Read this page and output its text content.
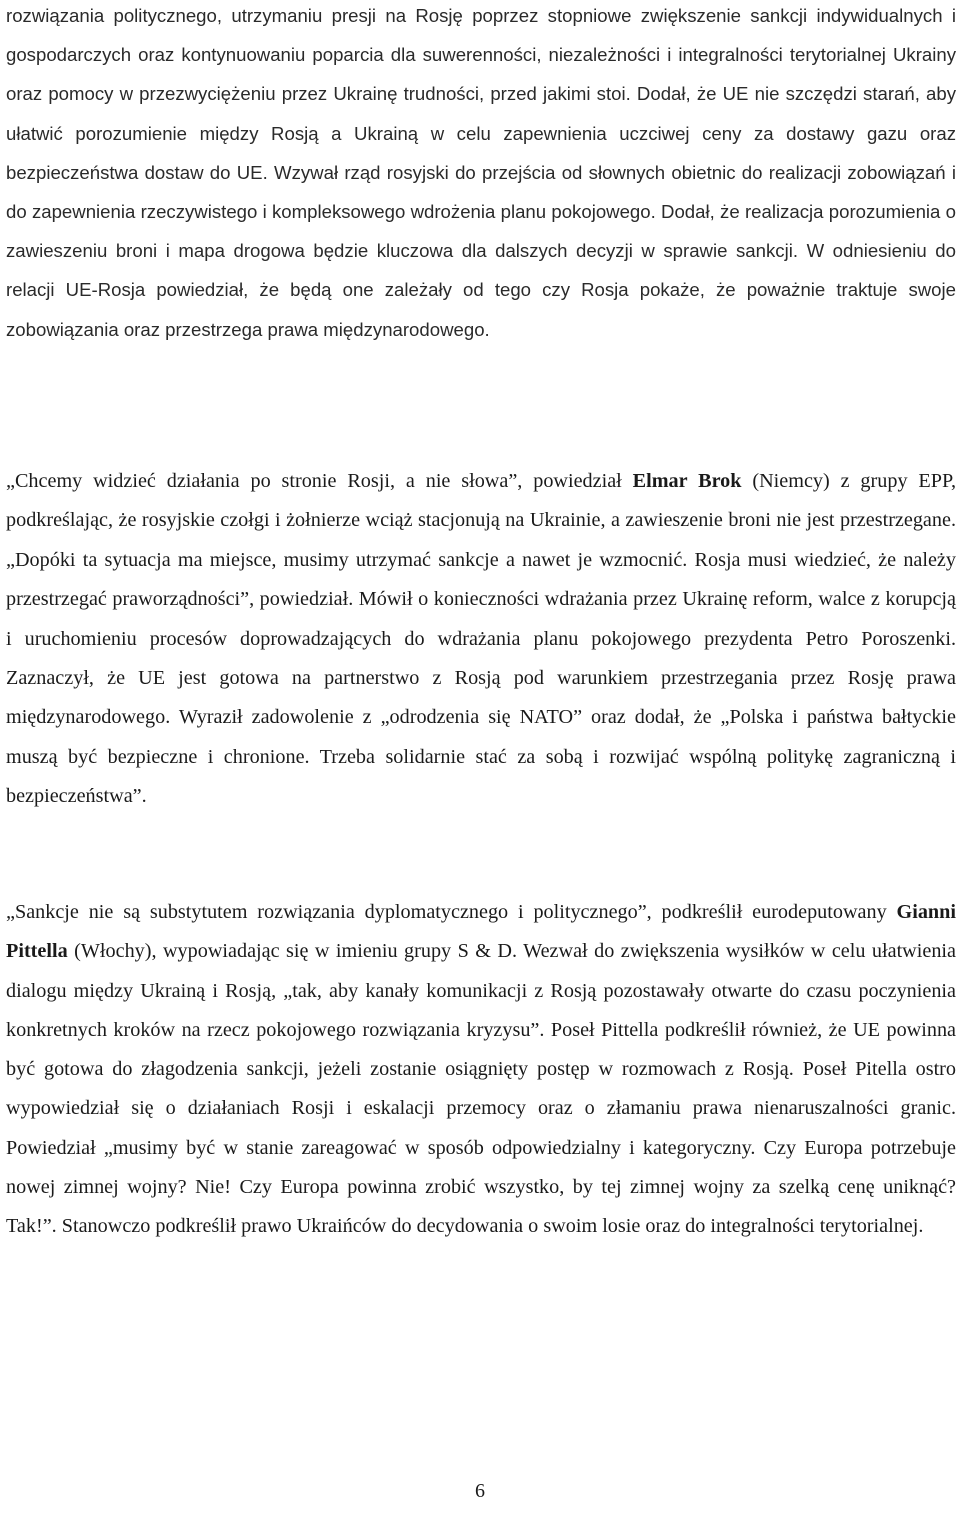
rozwiązania politycznego, utrzymaniu presji na Rosję poprzez stopniowe zwiększenie sankcji indywidualnych i gospodarczych oraz kontynuowaniu poparcia dla suwerenności, niezależności i integralności terytorialnej Ukrainy oraz pomocy w przezwyciężeniu przez Ukrainę trudności, przed jakimi stoi. Dodał, że UE nie szczędzi starań, aby ułatwić porozumienie między Rosją a Ukrainą w celu zapewnienia uczciwej ceny za dostawy gazu oraz bezpieczeństwa dostaw do UE. Wzywał rząd rosyjski do przejścia od słownych obietnic do realizacji zobowiązań i do zapewnienia rzeczywistego i kompleksowego wdrożenia planu pokojowego. Dodał, że realizacja porozumienia o zawieszeniu broni i mapa drogowa będzie kluczowa dla dalszych decyzji w sprawie sankcji. W odniesieniu do relacji UE-Rosja powiedział, że będą one zależały od tego czy Rosja pokaże, że poważnie traktuje swoje zobowiązania oraz przestrzega prawa międzynarodowego.

„Chcemy widzieć działania po stronie Rosji, a nie słowa”, powiedział Elmar Brok (Niemcy) z grupy EPP, podkreślając, że rosyjskie czołgi i żołnierze wciąż stacjonują na Ukrainie, a zawieszenie broni nie jest przestrzegane. „Dopóki ta sytuacja ma miejsce, musimy utrzymać sankcje a nawet je wzmocnić. Rosja musi wiedzieć, że należy przestrzegać praworządności”, powiedział. Mówił o konieczności wdrażania przez Ukrainę reform, walce z korupcją i uruchomieniu procesów doprowadzających do wdrażania planu pokojowego prezydenta Petro Poroszenki. Zaznaczył, że UE jest gotowa na partnerstwo z Rosją pod warunkiem przestrzegania przez Rosję prawa międzynarodowego. Wyraził zadowolenie z „odrodzenia się NATO” oraz dodał, że „Polska i państwa bałtyckie muszą być bezpieczne i chronione. Trzeba solidarnie stać za sobą i rozwijać wspólną politykę zagraniczną i bezpieczeństwa”.

„Sankcje nie są substytutem rozwiązania dyplomatycznego i politycznego”, podkreślił eurodeputowany Gianni Pittella (Włochy), wypowiadając się w imieniu grupy S & D. Wezwał do zwiększenia wysiłków w celu ułatwienia dialogu między Ukrainą i Rosją, „tak, aby kanały komunikacji z Rosją pozostawały otwarte do czasu poczynienia konkretnych kroków na rzecz pokojowego rozwiązania kryzysu”. Poseł Pittella podkreślił również, że UE powinna być gotowa do złagodzenia sankcji, jeżeli zostanie osiągnięty postęp w rozmowach z Rosją. Poseł Pitella ostro wypowiedział się o działaniach Rosji i eskalacji przemocy oraz o złamaniu prawa nienaruszalności granic. Powiedział „musimy być w stanie zareagować w sposób odpowiedzialny i kategoryczny. Czy Europa potrzebuje nowej zimnej wojny? Nie! Czy Europa powinna zrobić wszystko, by tej zimnej wojny za szelką cenę uniknąć? Tak!”. Stanowczo podkreślił prawo Ukraińców do decydowania o swoim losie oraz do integralności terytorialnej.

6
